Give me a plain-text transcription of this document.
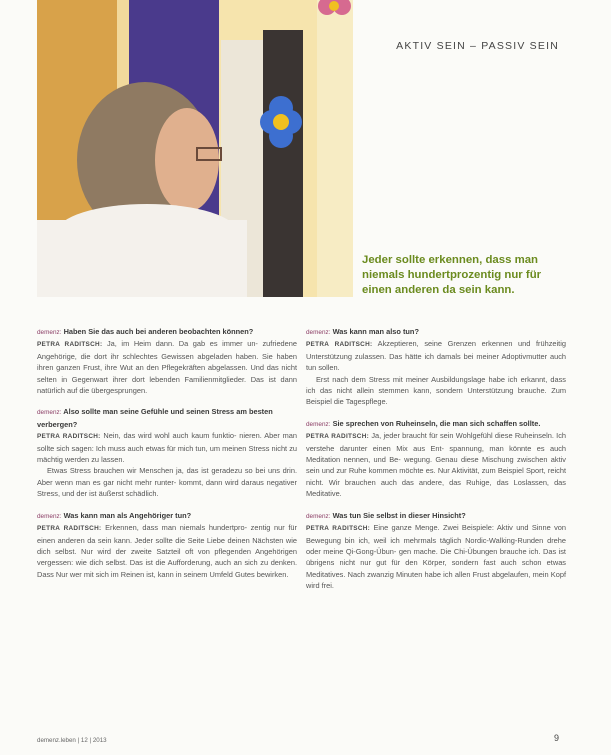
AKTIV SEIN – PASSIV SEIN
Jeder sollte erkennen, dass man niemals hundertprozentig nur für einen anderen da sein kann.
demenz: Haben Sie das auch bei anderen beobachten können?
PETRA RADITSCH: Ja, im Heim dann. Da gab es immer un- zufriedene Angehörige, die dort ihr schlechtes Gewissen abgeladen haben. Sie haben ihren ganzen Frust, ihre Wut an den Pflegekräften abgelassen. Und das nicht selten in Gegenwart ihrer dort lebenden Familienmitglieder. Das ist dann natürlich auf die übergesprungen.
demenz: Also sollte man seine Gefühle und seinen Stress am besten verbergen?
PETRA RADITSCH: Nein, das wird wohl auch kaum funktio- nieren. Aber man sollte sich sagen: Ich muss auch etwas für mich tun, um meinen Stress nicht zu mächtig werden zu lassen.
Etwas Stress brauchen wir Menschen ja, das ist geradezu so bei uns drin. Aber wenn man es gar nicht mehr runter- kommt, dann wird daraus negativer Stress, und der ist äußerst schädlich.
demenz: Was kann man als Angehöriger tun?
PETRA RADITSCH: Erkennen, dass man niemals hundertpro- zentig nur für einen anderen da sein kann. Jeder sollte die Seite Liebe deinen Nächsten wie dich selbst. Nur wird der zweite Satzteil oft von pflegenden Angehörigen vergessen: wie dich selbst. Das ist die Aufforderung, auch an sich zu denken. Dass Nur wer mit sich im Reinen ist, kann in seinem Umfeld Gutes bewirken.
demenz: Was kann man also tun?
PETRA RADITSCH: Akzeptieren, seine Grenzen erkennen und frühzeitig Unterstützung zulassen. Das hätte ich damals bei meiner Adoptivmutter auch tun sollen.
Erst nach dem Stress mit meiner Ausbildungslage habe ich erkannt, dass ich das nicht allein stemmen kann, sondern Unterstützung brauche. Zum Beispiel die Tagespflege.
demenz: Sie sprechen von Ruheinseln, die man sich schaffen sollte.
PETRA RADITSCH: Ja, jeder braucht für sein Wohlgefühl diese Ruheinseln. Ich verstehe darunter einen Mix aus Ent- spannung, man könnte es auch Meditation nennen, und Be- wegung. Genau diese Mischung zwischen aktiv sein und zur Ruhe kommen möchte es. Nur Aktivität, zum Beispiel Sport, reicht nicht. Wir brauchen auch das andere, das Ruhige, das Loslassen, das Meditative.
demenz: Was tun Sie selbst in dieser Hinsicht?
PETRA RADITSCH: Eine ganze Menge. Zwei Beispiele: Aktiv und Sinne von Bewegung bin ich, weil ich mehrmals täglich Nordic-Walking-Runden drehe oder meine Qi-Gong-Übun- gen mache. Die Chi-Übungen brauche ich. Das ist übrigens nicht nur gut für den Körper, sondern fast auch schon etwas Meditatives. Nach zwanzig Minuten habe ich allen Frust abgelaufen, mein Kopf wird frei.
demenz.leben | 12 | 2013	9
